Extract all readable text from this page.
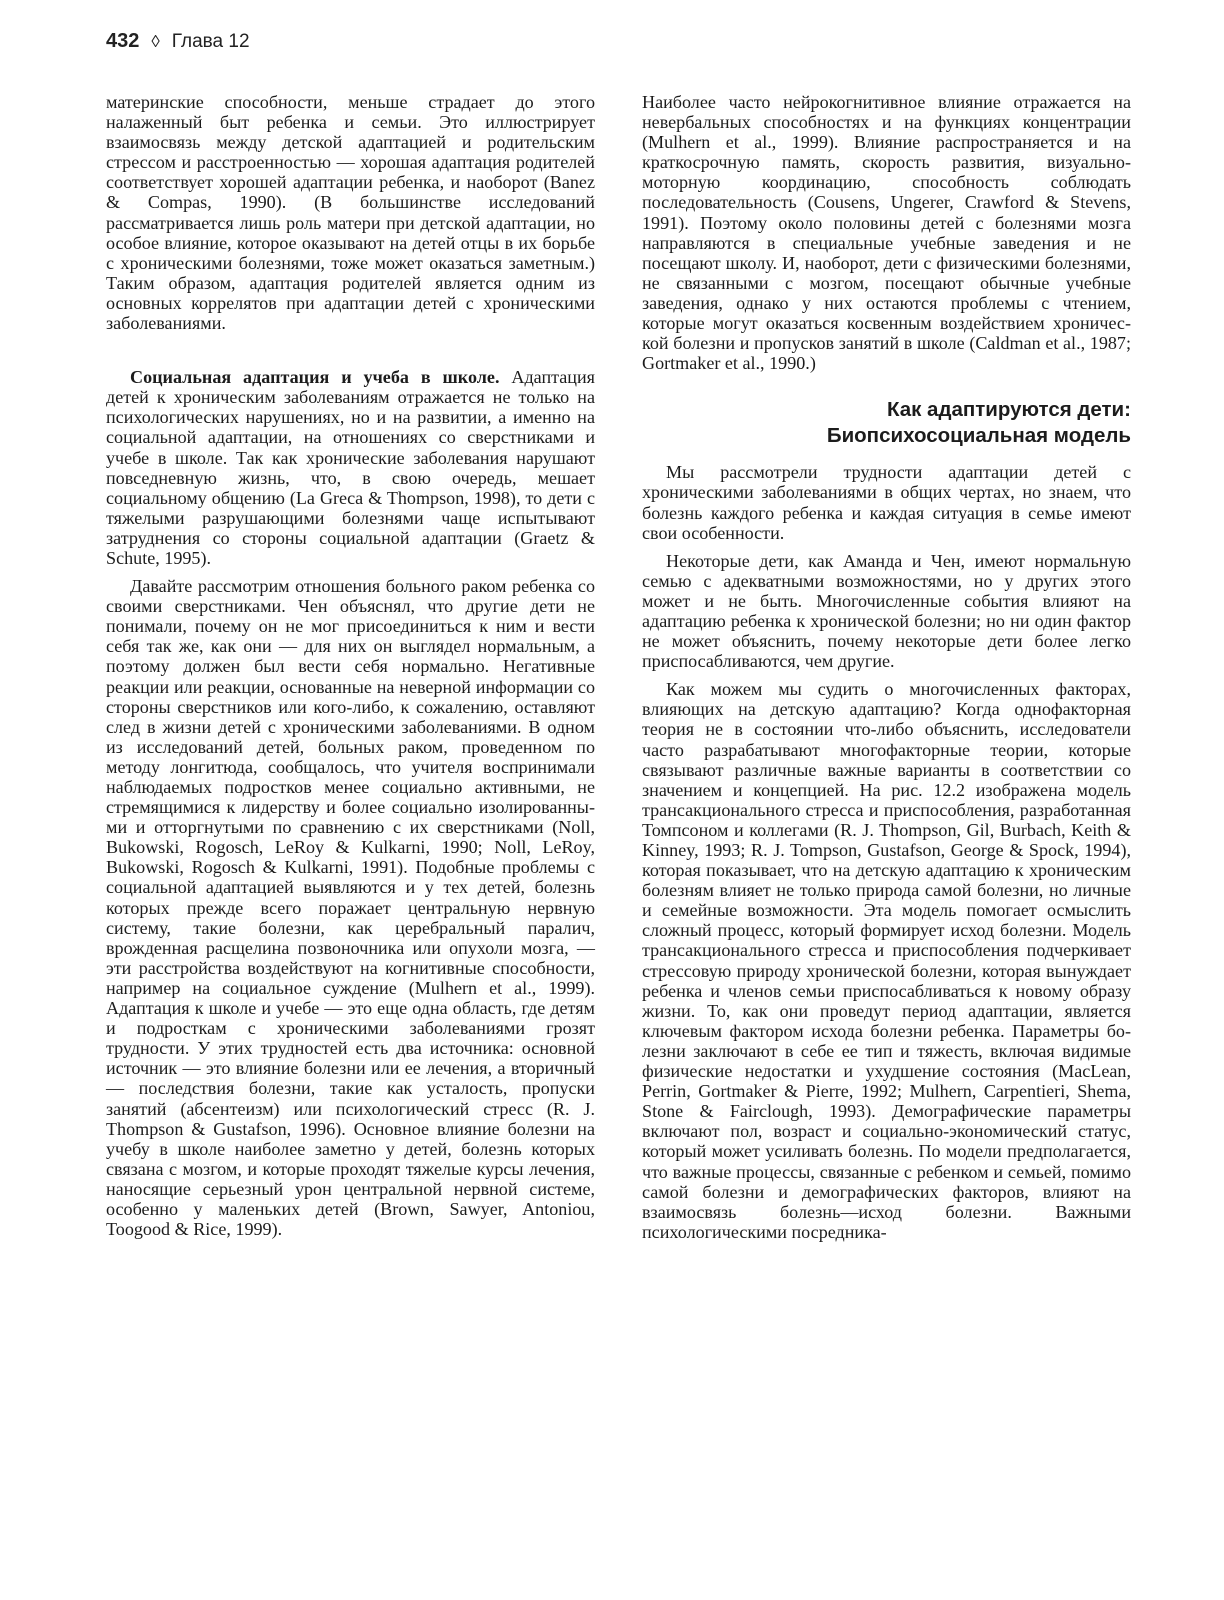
432 ◊ Глава 12

материнские способности, меньше страдает до этого налаженный быт ребенка и семьи. Это иллюстрирует взаимосвязь между детской адаптацией и родительским стрессом и расстроенностью — хорошая адаптация родителей соответствует хорошей адаптации ребенка, и наоборот (Banez & Compas, 1990). (В большинстве исследований рассматривается лишь роль матери при детской адаптации, но особое влияние, которое оказывают на детей отцы в их борьбе с хроническими болезнями, тоже может оказаться заметным.) Таким образом, адаптация родителей является одним из основных коррелятов при адаптации детей с хроническими заболеваниями.

Социальная адаптация и учеба в школе. Адаптация детей к хроническим заболеваниям отражается не только на психологических нарушениях, но и на развитии, а именно на социальной адаптации, на отношениях со сверстниками и учебе в школе. Так как хронические заболевания нарушают повседневную жизнь, что, в свою очередь, мешает социальному общению (La Greca & Thompson, 1998), то дети с тяжелыми разрушающими болезнями чаще испытывают затруднения со стороны социальной адаптации (Graetz & Schute, 1995).

Давайте рассмотрим отношения больного раком ребенка со своими сверстниками. Чен объяснял, что другие дети не понимали, почему он не мог присоединиться к ним и вести себя так же, как они — для них он выглядел нормальным, а поэтому должен был вести себя нормально. Негативные реакции или реакции, основанные на неверной информации со стороны сверстников или кого-либо, к сожалению, оставляют след в жизни детей с хроническими заболеваниями. В одном из исследований детей, больных раком, проведенном по методу лонгитюда, сообщалось, что учителя воспринимали наблюдаемых подростков менее социально активными, не стремящимися к лидерству и более социально изолированными и отторгнутыми по сравнению с их сверстниками (Noll, Bukowski, Rogosch, LeRoy & Kulkarni, 1990; Noll, LeRoy, Bukowski, Rogosch & Kulkarni, 1991). Подобные проблемы с социальной адаптацией выявляются и у тех детей, болезнь которых прежде всего поражает центральную нервную систему, такие болезни, как церебральный паралич, врожденная расщелина позвоночника или опухоли мозга, — эти расстройства воздействуют на когнитивные способности, например на социальное суждение (Mulhern et al., 1999). Адаптация к школе и учебе — это еще одна область, где детям и подросткам с хроническими заболеваниями грозят трудности. У этих трудностей есть два источника: основной источник — это влияние болезни или ее лечения, а вторичный — последствия болезни, такие как усталость, пропуски занятий (абсентеизм) или психологический стресс (R. J. Thompson & Gustafson, 1996). Основное влияние болезни на учебу в школе наиболее заметно у детей, болезнь которых связана с мозгом, и которые проходят тяжелые курсы лечения, наносящие серьезный урон центральной нервной системе, особенно у маленьких детей (Brown, Sawyer, Antoniou, Toogood & Rice, 1999).

Наиболее часто нейрокогнитивное влияние отражается на невербальных способностях и на функциях концентрации (Mulhern et al., 1999). Влияние распространяется и на краткосрочную память, скорость развития, визуально-моторную координацию, способность соблюдать последовательность (Cousens, Ungerer, Crawford & Stevens, 1991). Поэтому около половины детей с болезнями мозга направляются в специальные учебные заведения и не посещают школу. И, наоборот, дети с физическими болезнями, не связанными с мозгом, посещают обычные учебные заведения, однако у них остаются проблемы с чтением, которые могут оказаться косвенным воздействием хронической болезни и пропусков занятий в школе (Caldman et al., 1987; Gortmaker et al., 1990.)

Как адаптируются дети:
Биопсихосоциальная модель

Мы рассмотрели трудности адаптации детей с хроническими заболеваниями в общих чертах, но знаем, что болезнь каждого ребенка и каждая ситуация в семье имеют свои особенности.

Некоторые дети, как Аманда и Чен, имеют нормальную семью с адекватными возможностями, но у других этого может и не быть. Многочисленные события влияют на адаптацию ребенка к хронической болезни; но ни один фактор не может объяснить, почему некоторые дети более легко приспосабливaются, чем другие.

Как можем мы судить о многочисленных факторах, влияющих на детскую адаптацию? Когда однофакторная теория не в состоянии что-либо объяснить, исследователи часто разрабатывают многофакторные теории, которые связывают различные важные варианты в соответствии со значением и концепцией. На рис. 12.2 изображена модель трансакционального стресса и приспособления, разработанная Томпсоном и коллегами (R. J. Thompson, Gil, Burbach, Keith & Kinney, 1993; R. J. Tompson, Gustafson, George & Spock, 1994), которая показывает, что на детскую адаптацию к хроническим болезням влияет не только природа самой болезни, но личные и семейные возможности. Эта модель помогает осмыслить сложный процесс, который формирует исход болезни. Модель трансакционального стресса и приспособления подчеркивает стрессовую природу хронической болезни, которая вынуждает ребенка и членов семьи приспосабливаться к новому образу жизни. То, как они проведут период адаптации, является ключевым фактором исхода болезни ребенка. Параметры болезни заключают в себе ее тип и тяжесть, включая видимые физические недостатки и ухудшение состояния (MacLean, Perrin, Gortmaker & Pierre, 1992; Mulhern, Carpentieri, Shema, Stone & Fairclough, 1993). Демографические параметры включают пол, возраст и социально-экономический статус, который может усиливать болезнь. По модели предполагается, что важные процессы, связанные с ребенком и семьей, помимо самой болезни и демографических факторов, влияют на взаимосвязь болезнь—исход болезни. Важными психологическими посредника-
